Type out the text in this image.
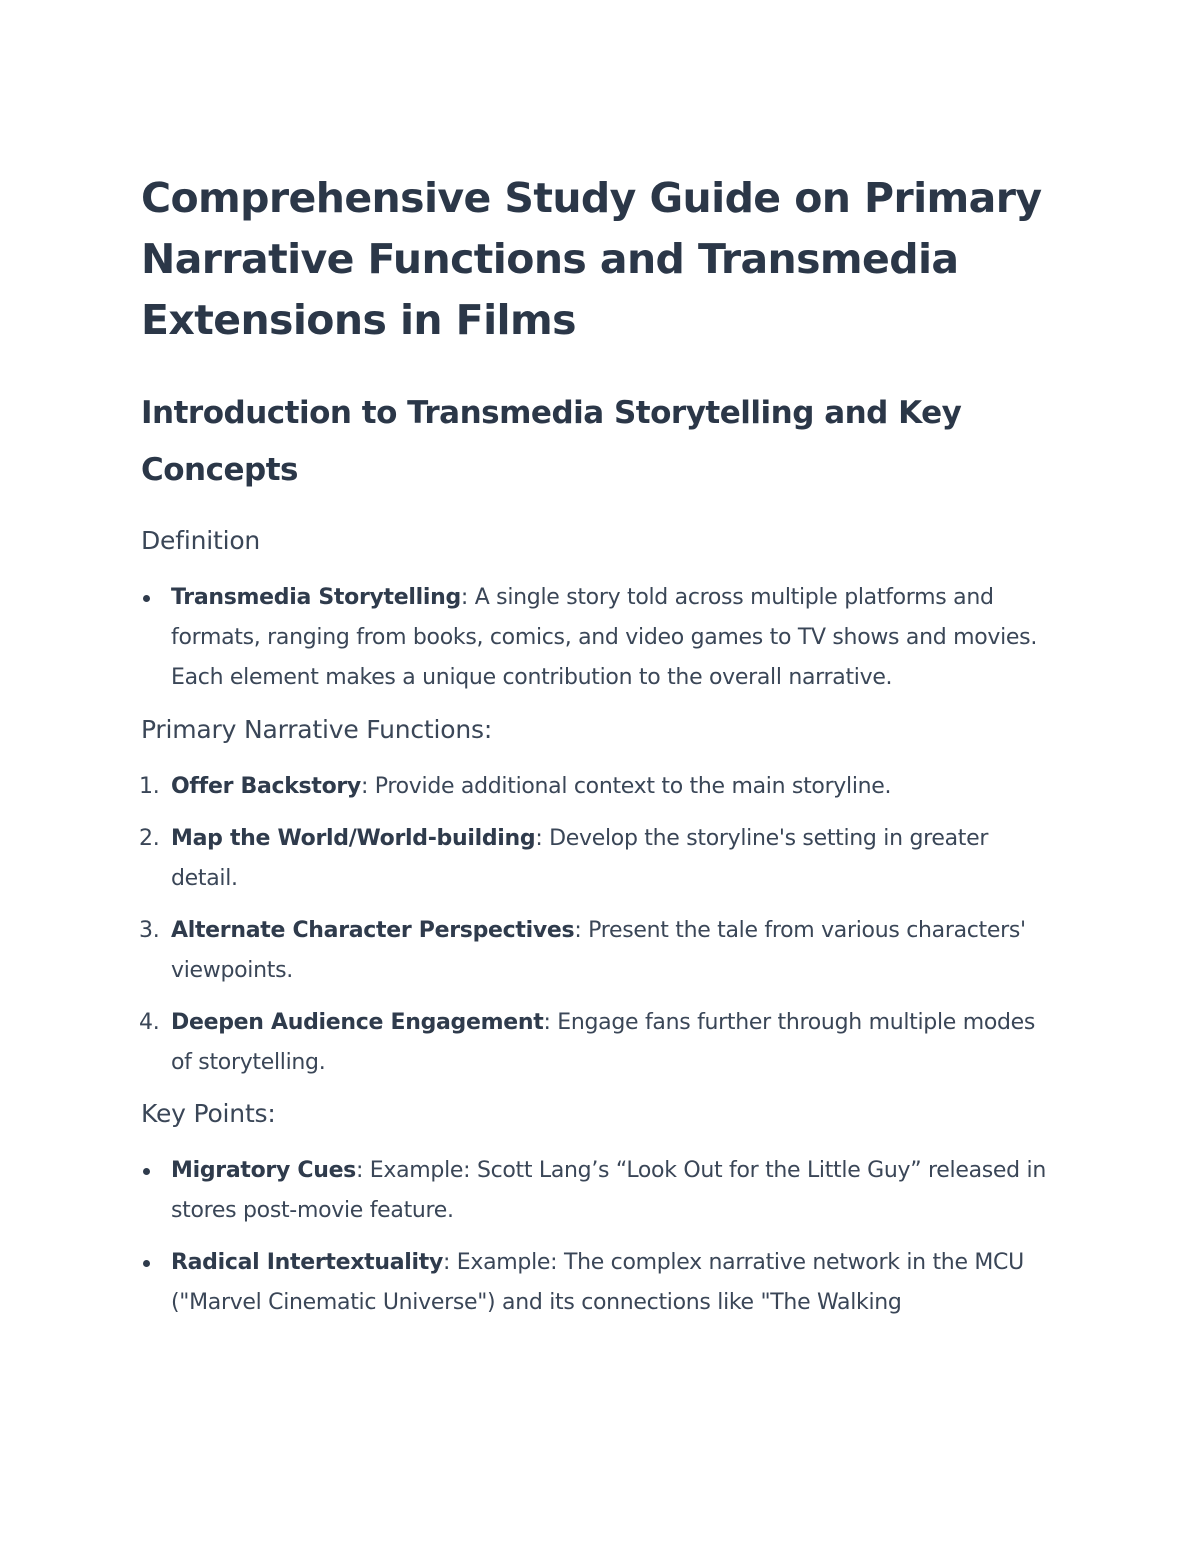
Comprehensive Study Guide on Primary Narrative Functions and Transmedia Extensions in Films
Introduction to Transmedia Storytelling and Key Concepts
Definition
Transmedia Storytelling: A single story told across multiple platforms and formats, ranging from books, comics, and video games to TV shows and movies. Each element makes a unique contribution to the overall narrative.
Primary Narrative Functions:
1. Offer Backstory: Provide additional context to the main storyline.
2. Map the World/World-building: Develop the storyline's setting in greater detail.
3. Alternate Character Perspectives: Present the tale from various characters' viewpoints.
4. Deepen Audience Engagement: Engage fans further through multiple modes of storytelling.
Key Points:
Migratory Cues: Example: Scott Lang’s “Look Out for the Little Guy” released in stores post-movie feature.
Radical Intertextuality: Example: The complex narrative network in the MCU ("Marvel Cinematic Universe") and its connections like "The Walking
